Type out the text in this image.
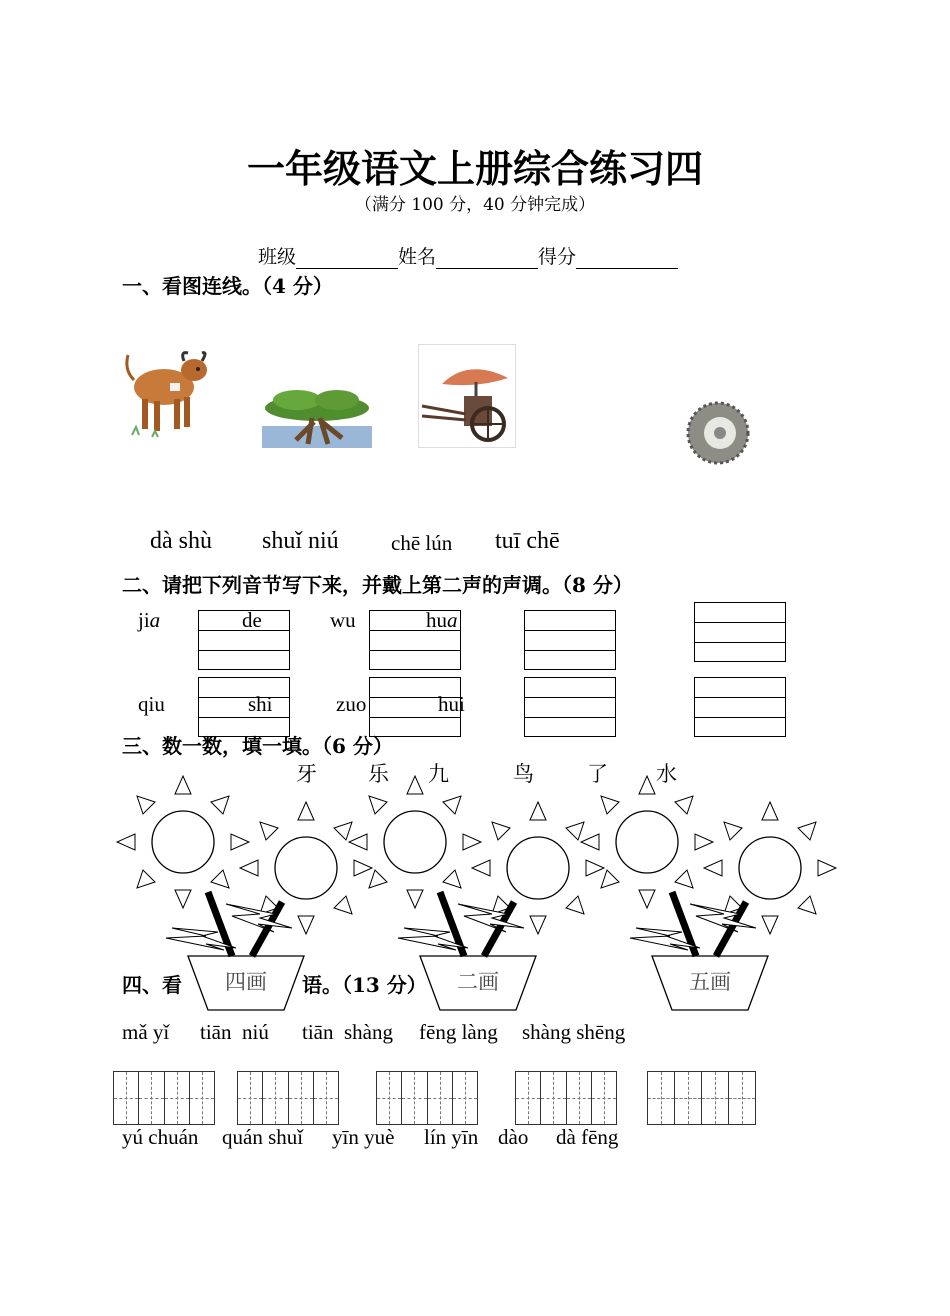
一年级语文上册综合练习四
（满分 100 分，40 分钟完成）
班级	姓名	得分
一、看图连线。（4 分）
dà shù shuǐ niú chē lún tuī chē
二、请把下列音节写下来，并戴上第二声的声调。（8 分）
jia	de	wu	hua
qiu	shi	zuo	hui
三、数一数，填一填。（6 分）
牙 乐 九	鸟	了 水
四、看	语。（13 分）
四画	二画	五画
mǎ yǐ tiān  niú tiān  shàng fēng làng shàng shēng
yú chuán quán shuǐ yīn yuè lín yīn dào dà fēng
